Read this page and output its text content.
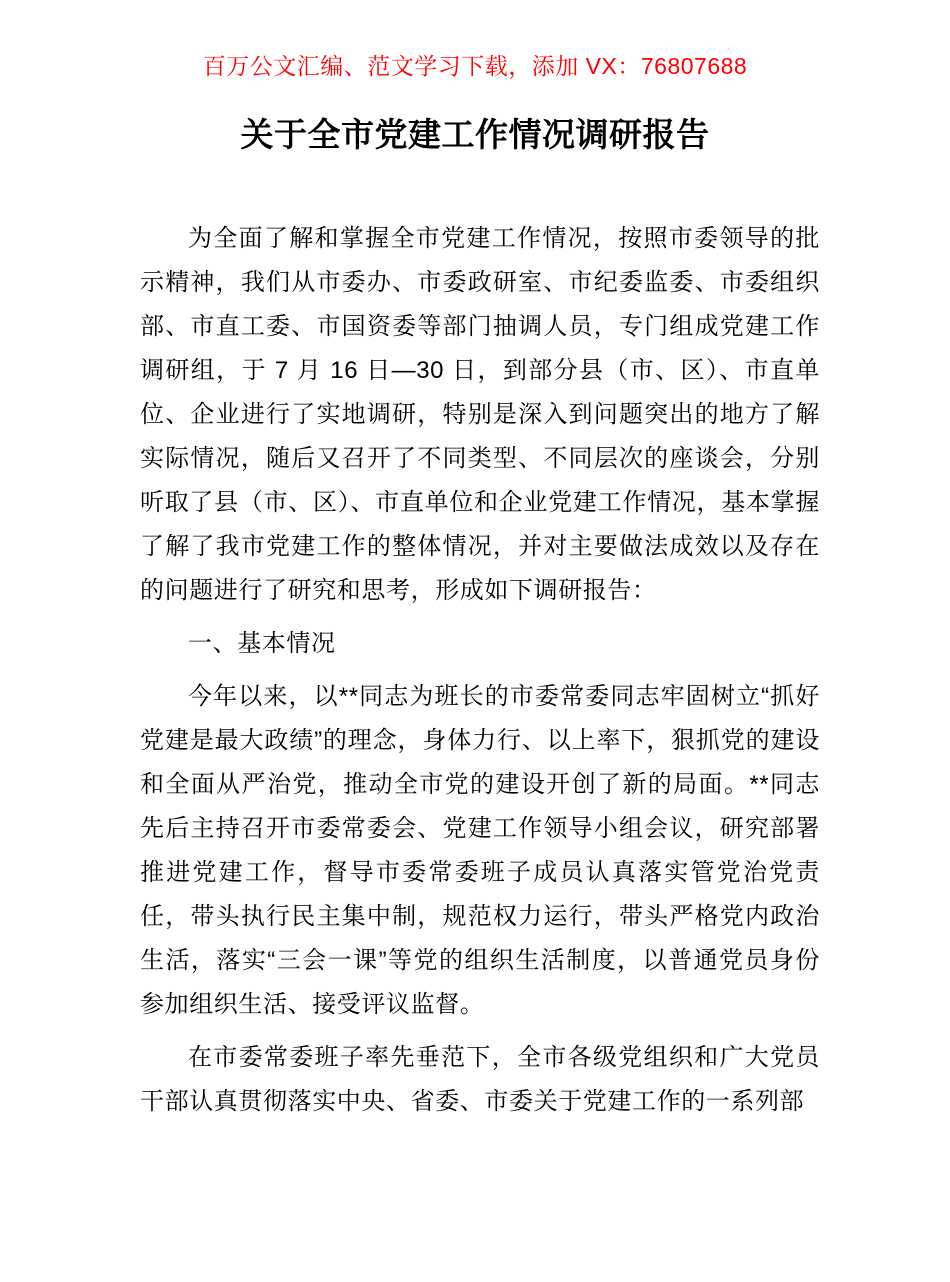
百万公文汇编、范文学习下载，添加 VX：76807688
关于全市党建工作情况调研报告

为全面了解和掌握全市党建工作情况，按照市委领导的批示精神，我们从市委办、市委政研室、市纪委监委、市委组织部、市直工委、市国资委等部门抽调人员，专门组成党建工作调研组，于 7 月 16 日—30 日，到部分县（市、区）、市直单位、企业进行了实地调研，特别是深入到问题突出的地方了解实际情况，随后又召开了不同类型、不同层次的座谈会，分别听取了县（市、区）、市直单位和企业党建工作情况，基本掌握了解了我市党建工作的整体情况，并对主要做法成效以及存在的问题进行了研究和思考，形成如下调研报告：

一、基本情况

今年以来，以**同志为班长的市委常委同志牢固树立“抓好党建是最大政绩”的理念，身体力行、以上率下，狠抓党的建设和全面从严治党，推动全市党的建设开创了新的局面。**同志先后主持召开市委常委会、党建工作领导小组会议，研究部署推进党建工作，督导市委常委班子成员认真落实管党治党责任，带头执行民主集中制，规范权力运行，带头严格党内政治生活，落实“三会一课”等党的组织生活制度，以普通党员身份参加组织生活、接受评议监督。

在市委常委班子率先垂范下，全市各级党组织和广大党员干部认真贯彻落实中央、省委、市委关于党建工作的一系列部
